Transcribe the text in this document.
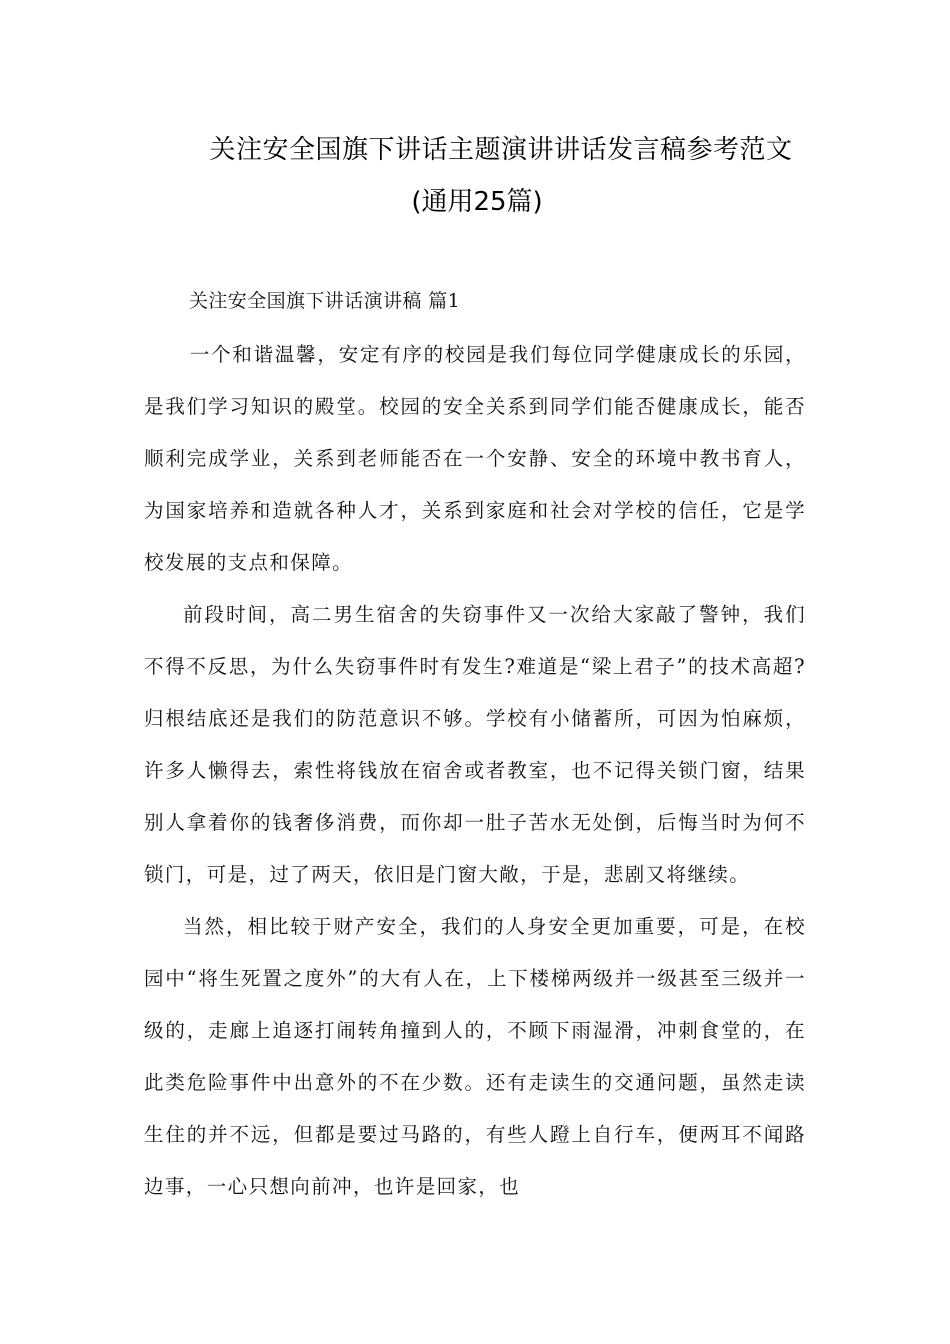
关注安全国旗下讲话主题演讲讲话发言稿参考范文
(通用25篇)
关注安全国旗下讲话演讲稿 篇1

一个和谐温馨，安定有序的校园是我们每位同学健康成长的乐园，是我们学习知识的殿堂。校园的安全关系到同学们能否健康成长，能否顺利完成学业，关系到老师能否在一个安静、安全的环境中教书育人，为国家培养和造就各种人才，关系到家庭和社会对学校的信任，它是学校发展的支点和保障。

前段时间，高二男生宿舍的失窃事件又一次给大家敲了警钟，我们不得不反思，为什么失窃事件时有发生?难道是“梁上君子”的技术高超?归根结底还是我们的防范意识不够。学校有小储蓄所，可因为怕麻烦，许多人懒得去，索性将钱放在宿舍或者教室，也不记得关锁门窗，结果别人拿着你的钱奢侈消费，而你却一肚子苦水无处倒，后悔当时为何不锁门，可是，过了两天，依旧是门窗大敞，于是，悲剧又将继续。

当然，相比较于财产安全，我们的人身安全更加重要，可是，在校园中“将生死置之度外”的大有人在，上下楼梯两级并一级甚至三级并一级的，走廊上追逐打闹转角撞到人的，不顾下雨湿滑，冲刺食堂的，在此类危险事件中出意外的不在少数。还有走读生的交通问题，虽然走读生住的并不远，但都是要过马路的，有些人蹬上自行车，便两耳不闻路边事，一心只想向前冲，也许是回家，也
